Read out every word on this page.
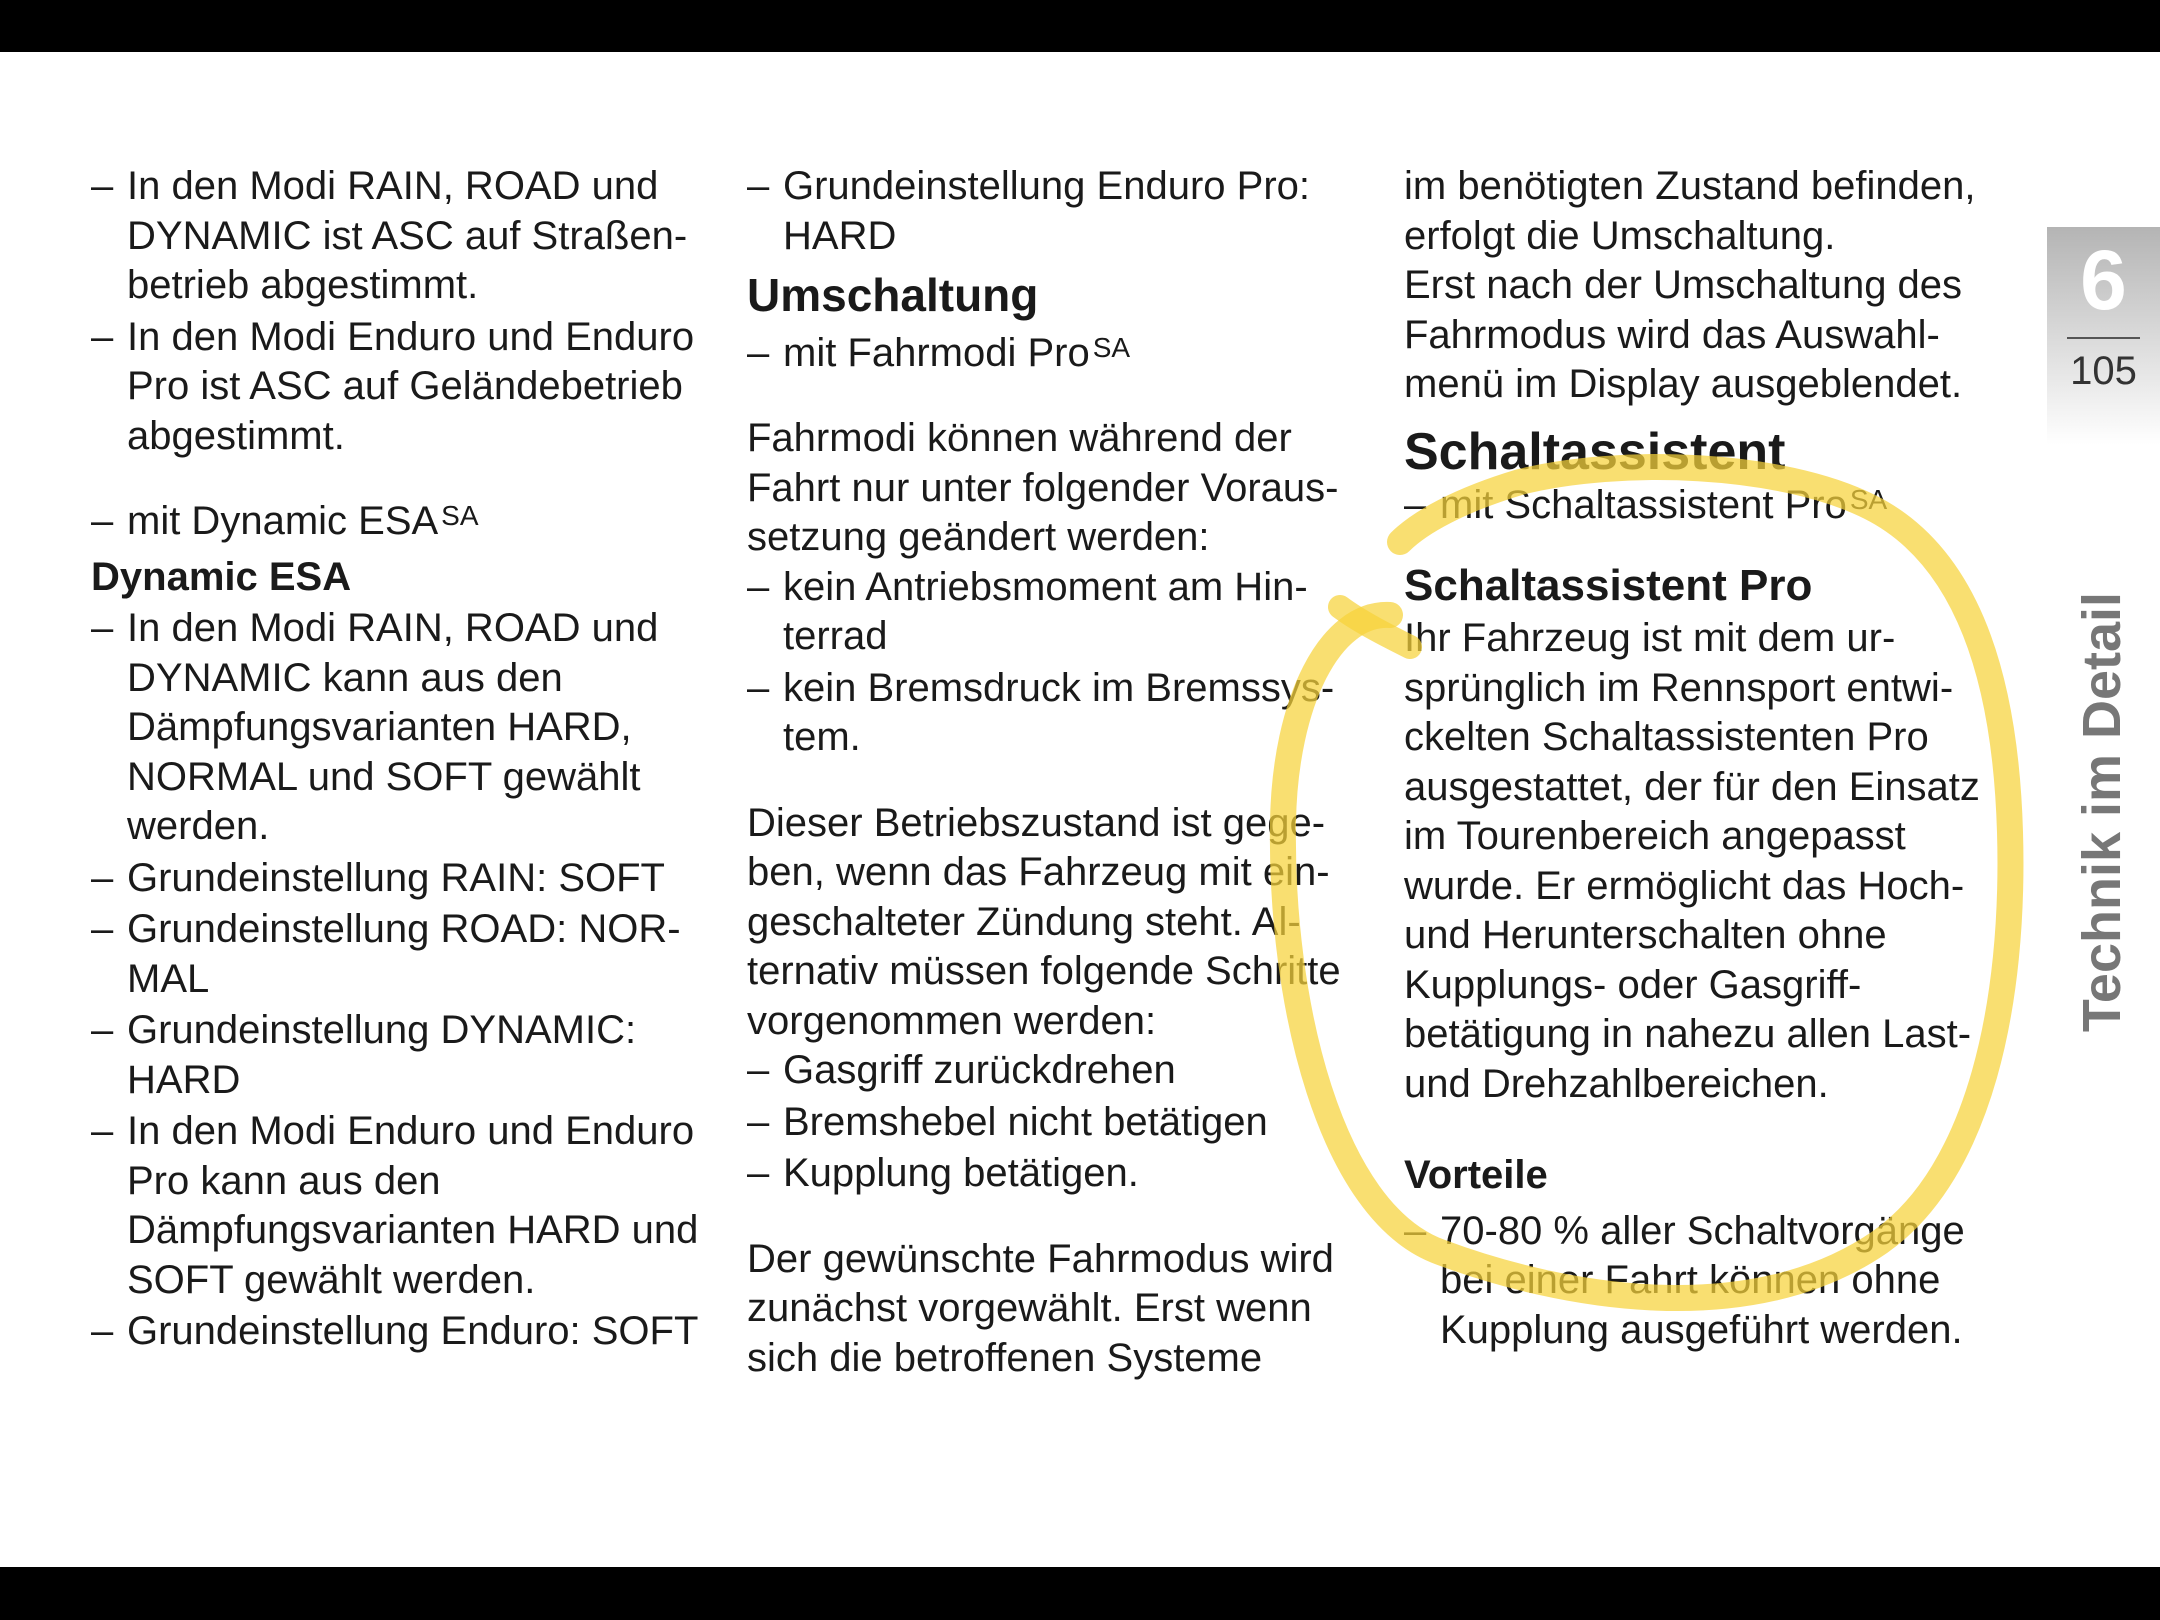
– In den Modi RAIN, ROAD und DYNAMIC ist ASC auf Straßenbetrieb abgestimmt.
– In den Modi Enduro und Enduro Pro ist ASC auf Geländebetrieb abgestimmt.
– mit Dynamic ESA $^{SA}$
Dynamic ESA
– In den Modi RAIN, ROAD und DYNAMIC kann aus den Dämpfungsvarianten HARD, NORMAL und SOFT gewählt werden.
– Grundeinstellung RAIN: SOFT
– Grundeinstellung ROAD: NORMAL
– Grundeinstellung DYNAMIC: HARD
– In den Modi Enduro und Enduro Pro kann aus den Dämpfungsvarianten HARD und SOFT gewählt werden.
– Grundeinstellung Enduro: SOFT
– Grundeinstellung Enduro Pro: HARD
Umschaltung
– mit Fahrmodi Pro $^{SA}$

Fahrmodi können während der Fahrt nur unter folgender Voraussetzung geändert werden:

– kein Antriebsmoment am Hinterrad
– kein Bremsdruck im Bremssystem.

Dieser Betriebszustand ist gegeben, wenn das Fahrzeug mit eingeschalteter Zündung steht. Alternativ müssen folgende Schritte vorgenommen werden:

– Gasgriff zurückdrehen
– Bremshebel nicht betätigen
– Kupplung betätigen.

Der gewünschte Fahrmodus wird zunächst vorgewählt. Erst wenn sich die betroffenen Systeme

im benötigten Zustand befinden, erfolgt die Umschaltung.

Erst nach der Umschaltung des Fahrmodus wird das Auswahlmenü im Display ausgeblendet.

Schaltassistent
– mit Schaltassistent Pro $^{SA}$
Schaltassistent Pro

Ihr Fahrzeug ist mit dem ursprünglich im Rennsport entwickelten Schaltassistenten Pro ausgestattet, der für den Einsatz im Tourenbereich angepasst wurde. Er ermöglicht das Hoch- und Herunterschalten ohne Kupplungs- oder Gasgriffbetätigung in nahezu allen Last- und Drehzahlbereichen.

Vorteile
– 70-80 % aller Schaltvorgänge bei einer Fahrt können ohne Kupplung ausgeführt werden.
6
105
Technik im Detail
